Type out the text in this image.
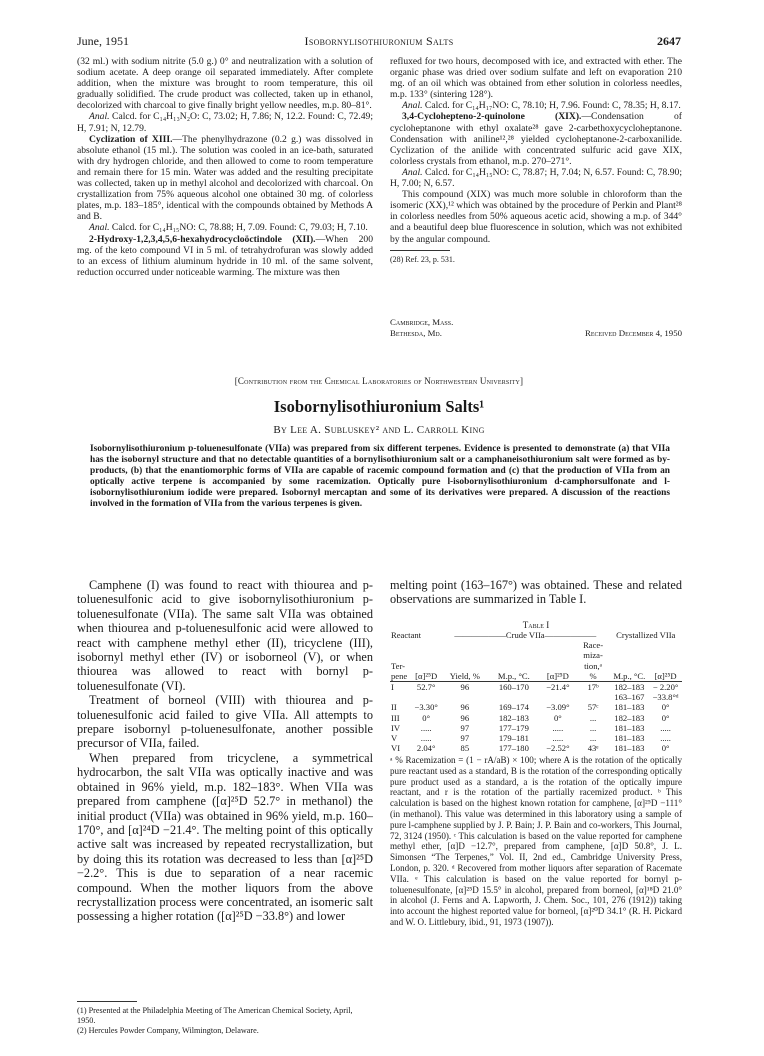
June, 1951	Isobornylisothiuronium Salts	2647

(32 ml.) with sodium nitrite (5.0 g.) 0° and neutralization with a solution of sodium acetate. A deep orange oil separated immediately. After complete addition, when the mixture was brought to room temperature, this oil gradually solidified. The crude product was collected, taken up in ethanol, decolorized with charcoal to give finally bright yellow needles, m.p. 80–81°.

Anal. Calcd. for C₁₄H₁₃N₂O: C, 73.02; H, 7.86; N, 12.2. Found: C, 72.49; H, 7.91; N, 12.79.

Cyclization of XIII.—The phenylhydrazone (0.2 g.) was dissolved in absolute ethanol (15 ml.). The solution was cooled in an ice-bath, saturated with dry hydrogen chloride, and then allowed to come to room temperature and remain there for 15 min. Water was added and the resulting precipitate was collected, taken up in methyl alcohol and decolorized with charcoal. On crystallization from 75% aqueous alcohol one obtained 30 mg. of colorless plates, m.p. 183–185°, identical with the compounds obtained by Methods A and B.

Anal. Calcd. for C₁₄H₁₅NO: C, 78.88; H, 7.09. Found: C, 79.03; H, 7.10.

2-Hydroxy-1,2,3,4,5,6-hexahydrocycloöctindole (XII).—When 200 mg. of the keto compound VI in 5 ml. of tetrahydrofuran was slowly added to an excess of lithium aluminum hydride in 10 ml. of the same solvent, reduction occurred under noticeable warming. The mixture was then

refluxed for two hours, decomposed with ice, and extracted with ether. The organic phase was dried over sodium sulfate and left on evaporation 210 mg. of an oil which was obtained from ether solution in colorless needles, m.p. 133° (sintering 128°).

Anal. Calcd. for C₁₄H₁₇NO: C, 78.10; H, 7.96. Found: C, 78.35; H, 8.17.

3,4-Cyclohepteno-2-quinolone (XIX).—Condensation of cycloheptanone with ethyl oxalate²⁸ gave 2-carbethoxycycloheptanone. Condensation with aniline¹²,²⁸ yielded cycloheptanone-2-carboxanilide. Cyclization of the anilide with concentrated sulfuric acid gave XIX, colorless crystals from ethanol, m.p. 270–271°.

Anal. Calcd. for C₁₄H₁₅NO: C, 78.87; H, 7.04; N, 6.57. Found: C, 78.90; H, 7.00; N, 6.57.

This compound (XIX) was much more soluble in chloroform than the isomeric (XX),¹² which was obtained by the procedure of Perkin and Plant²⁸ in colorless needles from 50% aqueous acetic acid, showing a m.p. of 344° and a beautiful deep blue fluorescence in solution, which was not exhibited by the angular compound.

(28) Ref. 23, p. 531.
Cambridge, Mass.
Bethesda, Md.	Received December 4, 1950
[Contribution from the Chemical Laboratories of Northwestern University]
Isobornylisothiuronium Salts¹
By Lee A. Subluskey² and L. Carroll King
Isobornylisothiuronium p-toluenesulfonate (VIIa) was prepared from six different terpenes. Evidence is presented to demonstrate (a) that VIIa has the isobornyl structure and that no detectable quantities of a bornylisothiuronium salt or a camphaneisothiuronium salt were formed as by-products, (b) that the enantiomorphic forms of VIIa are capable of racemic compound formation and (c) that the production of VIIa from an optically active terpene is accompanied by some racemization. Optically pure l-isobornylisothiuronium d-camphorsulfonate and l-isobornylisothiuronium iodide were prepared. Isobornyl mercaptan and some of its derivatives were prepared. A discussion of the reactions involved in the formation of VIIa from the various terpenes is given.

Camphene (I) was found to react with thiourea and p-toluenesulfonic acid to give isobornylisothiuronium p-toluenesulfonate (VIIa). The same salt VIIa was obtained when thiourea and p-toluenesulfonic acid were allowed to react with camphene methyl ether (II), tricyclene (III), isobornyl methyl ether (IV) or isoborneol (V), or when thiourea was allowed to react with bornyl p-toluenesulfonate (VI).

Treatment of borneol (VIII) with thiourea and p-toluenesulfonic acid failed to give VIIa. All attempts to prepare isobornyl p-toluenesulfonate, another possible precursor of VIIa, failed.

When prepared from tricyclene, a symmetrical hydrocarbon, the salt VIIa was optically inactive and was obtained in 96% yield, m.p. 182–183°. When VIIa was prepared from camphene ([α]²⁵D 52.7° in methanol) the initial product (VIIa) was obtained in 96% yield, m.p. 160–170°, and [α]²⁴D −21.4°. The melting point of this optically active salt was increased by repeated recrystallization, but by doing this its rotation was decreased to less than [α]²⁵D −2.2°. This is due to separation of a near racemic compound. When the mother liquors from the above recrystallization process were concentrated, an isomeric salt possessing a higher rotation ([α]²⁵D −33.8°) and lower

(1) Presented at the Philadelphia Meeting of The American Chemical Society, April, 1950.
(2) Hercules Powder Company, Wilmington, Delaware.

melting point (163–167°) was obtained. These and related observations are summarized in Table I.

Table I
Reactant		——————Crude VIIa——————				Crystallized VIIa	
Ter-
pene	[α]²⁵D	Yield, %	M.p., °C.	[α]²⁵D	Race-
miza-
tion,ᵃ
%	M.p., °C.	[α]²⁵D
I	52.7°	96	160–170	−21.4°	17ᵇ	182–183	− 2.20°
						163–167	−33.8°ᵈ
II	−3.30°	96	169–174	−3.09°	57ᶜ	181–183	0°
III	0°	96	182–183	0°	...	182–183	0°
IV	.....	97	177–179	.....	...	181–183	.....
V	.....	97	179–181	.....	...	181–183	.....
VI	2.04°	85	177–180	−2.52°	43ᵉ	181–183	0°
ᵃ % Racemization = (1 − rA/aB) × 100; where A is the rotation of the optically pure reactant used as a standard, B is the rotation of the corresponding optically pure product used as a standard, a is the rotation of the optically impure reactant, and r is the rotation of the partially racemized product. ᵇ This calculation is based on the highest known rotation for camphene, [α]²⁵D −111° (in methanol). This value was determined in this laboratory using a sample of pure l-camphene supplied by J. P. Bain; J. P. Bain and co-workers, This Journal, 72, 3124 (1950). ᶜ This calculation is based on the value reported for camphene methyl ether, [α]D −12.7°, prepared from camphene, [α]D 50.8°, J. L. Simonsen “The Terpenes,” Vol. II, 2nd ed., Cambridge University Press, London, p. 320. ᵈ Recovered from mother liquors after separation of Racemate VIIa. ᵉ This calculation is based on the value reported for bornyl p-toluenesulfonate, [α]²⁵D 15.5° in alcohol, prepared from borneol, [α]¹⁸D 21.0° in alcohol (J. Ferns and A. Lapworth, J. Chem. Soc., 101, 276 (1912)) taking into account the highest reported value for borneol, [α]²⁰D 34.1° (R. H. Pickard and W. O. Littlebury, ibid., 91, 1973 (1907)).
